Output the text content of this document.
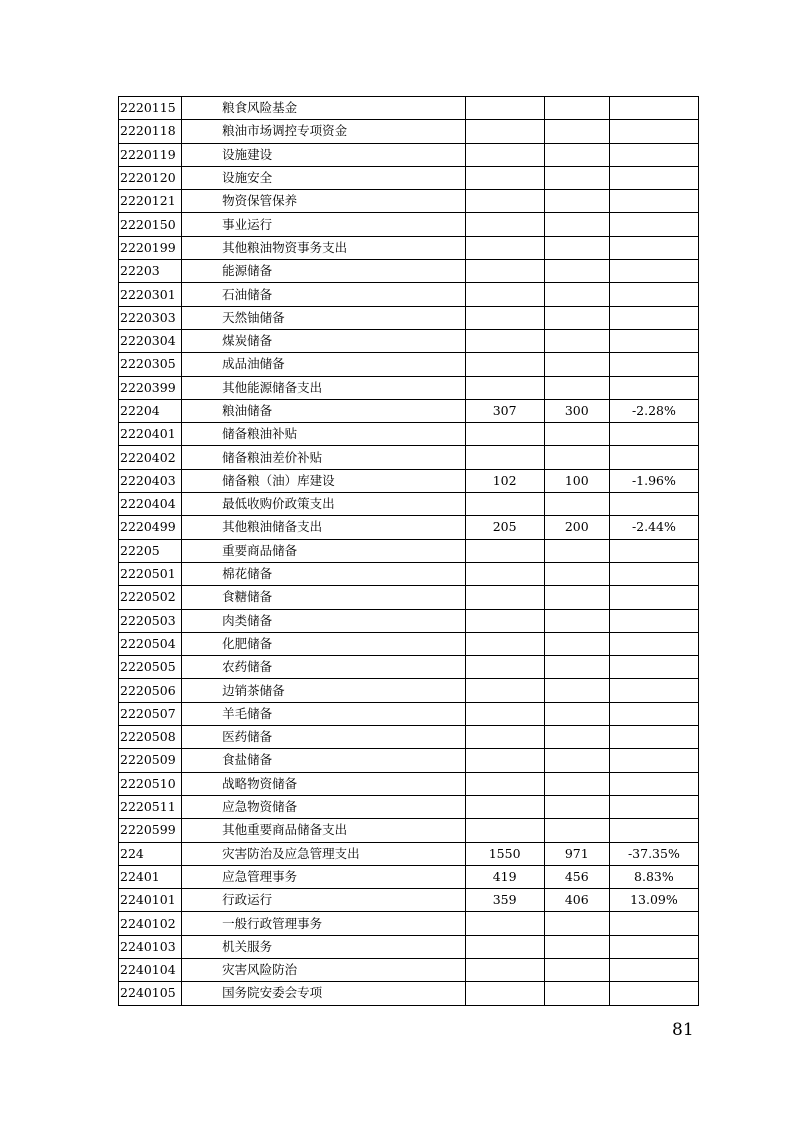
2220115	粮食风险基金			
2220118	粮油市场调控专项资金			
2220119	设施建设			
2220120	设施安全			
2220121	物资保管保养			
2220150	事业运行			
2220199	其他粮油物资事务支出			
22203	能源储备			
2220301	石油储备			
2220303	天然铀储备			
2220304	煤炭储备			
2220305	成品油储备			
2220399	其他能源储备支出			
22204	粮油储备	307	300	-2.28%
2220401	储备粮油补贴			
2220402	储备粮油差价补贴			
2220403	储备粮（油）库建设	102	100	-1.96%
2220404	最低收购价政策支出			
2220499	其他粮油储备支出	205	200	-2.44%
22205	重要商品储备			
2220501	棉花储备			
2220502	食糖储备			
2220503	肉类储备			
2220504	化肥储备			
2220505	农药储备			
2220506	边销茶储备			
2220507	羊毛储备			
2220508	医药储备			
2220509	食盐储备			
2220510	战略物资储备			
2220511	应急物资储备			
2220599	其他重要商品储备支出			
224	灾害防治及应急管理支出	1550	971	-37.35%
22401	应急管理事务	419	456	8.83%
2240101	行政运行	359	406	13.09%
2240102	一般行政管理事务			
2240103	机关服务			
2240104	灾害风险防治			
2240105	国务院安委会专项			
81
